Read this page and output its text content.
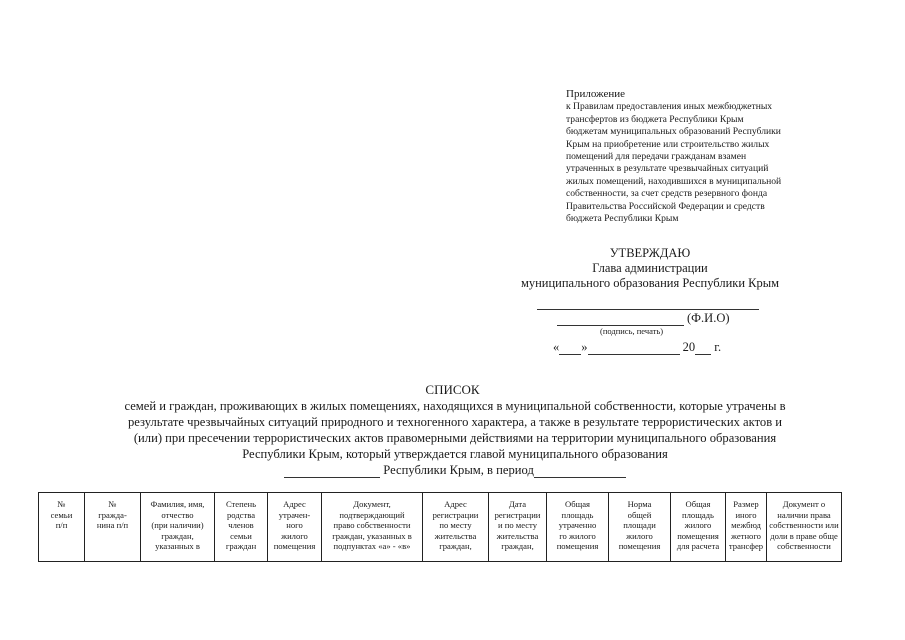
Приложение
к Правилам предоставления иных межбюджетных
трансфертов из бюджета Республики Крым
бюджетам муниципальных образований Республики
Крым на приобретение или строительство жилых
помещений для передачи гражданам взамен
утраченных в результате чрезвычайных ситуаций
жилых помещений, находившихся в муниципальной
собственности, за счет средств резервного фонда
Правительства Российской Федерации и средств
бюджета Республики Крым
УТВЕРЖДАЮ
Глава администрации
муниципального образования Республики Крым
(Ф.И.О)
(подпись, печать)
« »	20 г.
СПИСОК
семей и граждан, проживающих в жилых помещениях, находящихся в муниципальной собственности, которые утрачены в
результате чрезвычайных ситуаций природного и техногенного характера, а также в результате террористических актов и
(или) при пресечении террористических актов правомерными действиями на территории муниципального образования
Республики Крым, который утверждается главой муниципального образования
Республики Крым, в период
№
семьи
п/п

№
гражда-
нина п/п

Фамилия, имя,
отчество
(при наличии)
граждан,
указанных в

Степень
родства
членов
семьи
граждан

Адрес
утрачен-
ного
жилого
помещения

Документ,
подтверждающий
право собственности
граждан, указанных в
подпунктах «а» - «в»

Адрес
регистрации
по месту
жительства
граждан,

Дата
регистрации
и по месту
жительства
граждан,

Общая
площадь
утраченно
го жилого
помещения

Норма
общей
площади
жилого
помещения

Общая
площадь
жилого
помещения
для расчета

Размер
иного
межбюд
жетного
трансфер

Документ о
наличии права
собственности или
доли в праве обще
собственности
